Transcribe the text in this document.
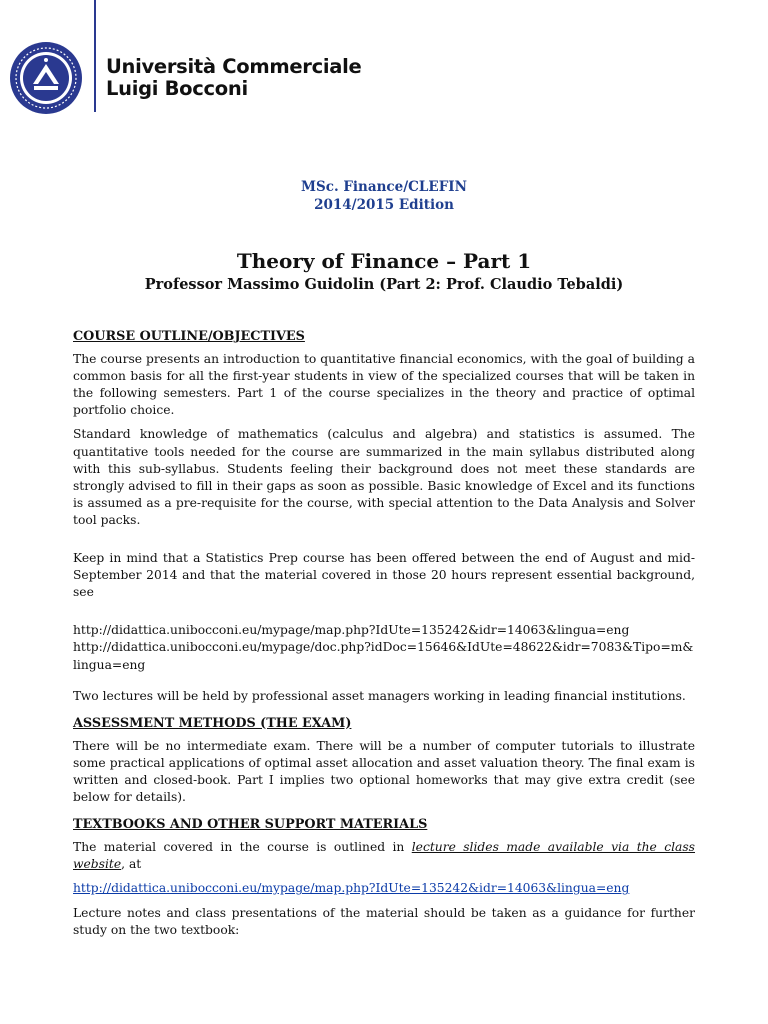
Università Commerciale
Luigi Bocconi
MSc. Finance/CLEFIN
2014/2015 Edition
Theory of Finance – Part 1
Professor Massimo Guidolin (Part 2: Prof. Claudio Tebaldi)
COURSE OUTLINE/OBJECTIVES

The course presents an introduction to quantitative financial economics, with the goal of building a common basis for all the first-year students in view of the specialized courses that will be taken in the following semesters. Part 1 of the course specializes in the theory and practice of optimal portfolio choice.

Standard knowledge of mathematics (calculus and algebra) and statistics is assumed. The quantitative tools needed for the course are summarized in the main syllabus distributed along with this sub-syllabus. Students feeling their background does not meet these standards are strongly advised to fill in their gaps as soon as possible. Basic knowledge of Excel and its functions is assumed as a pre-requisite for the course, with special attention to the Data Analysis and Solver tool packs.

Keep in mind that a Statistics Prep course has been offered between the end of August and mid-September 2014 and that the material covered in those 20 hours represent essential background, see

http://didattica.unibocconi.eu/mypage/map.php?IdUte=135242&idr=14063&lingua=eng

http://didattica.unibocconi.eu/mypage/doc.php?idDoc=15646&IdUte=48622&idr=7083&Tipo=m&lingua=eng

Two lectures will be held by professional asset managers working in leading financial institutions.

ASSESSMENT METHODS (THE EXAM)

There will be no intermediate exam. There will be a number of computer tutorials to illustrate some practical applications of optimal asset allocation and asset valuation theory. The final exam is written and closed-book. Part I implies two optional homeworks that may give extra credit (see below for details).

TEXTBOOKS AND OTHER SUPPORT MATERIALS

The material covered in the course is outlined in lecture slides made available via the class website, at

http://didattica.unibocconi.eu/mypage/map.php?IdUte=135242&idr=14063&lingua=eng

Lecture notes and class presentations of the material should be taken as a guidance for further study on the two textbook:
